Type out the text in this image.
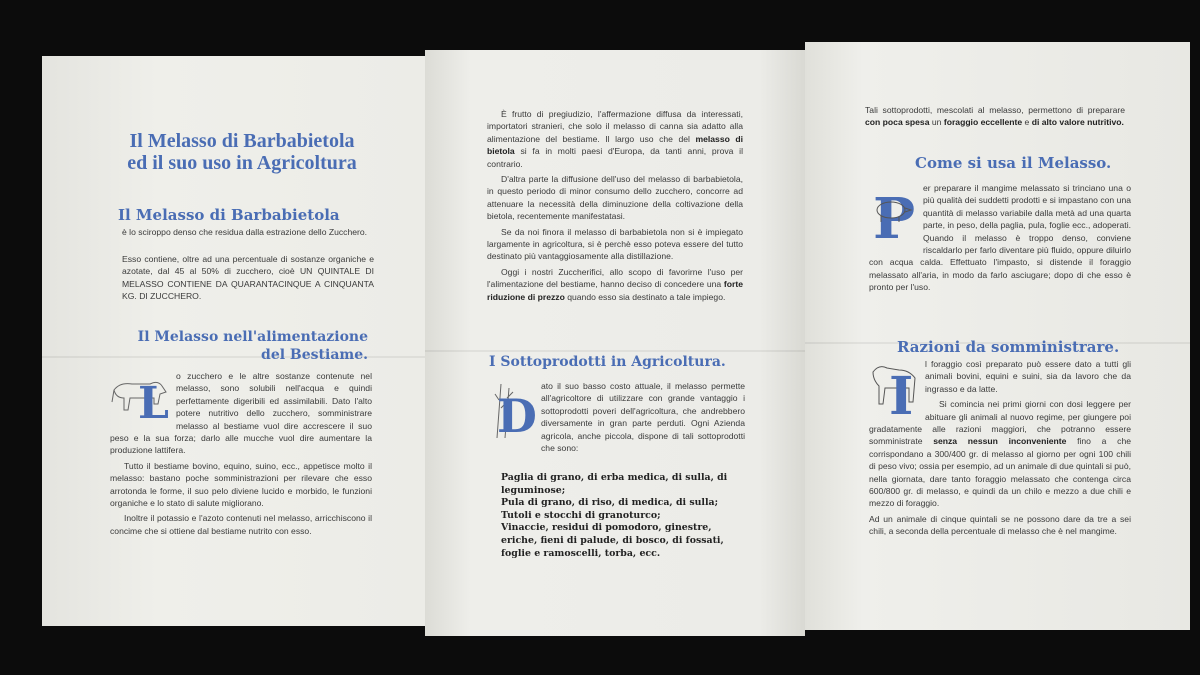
Il Melasso di Barbabietola
ed il suo uso in Agricoltura
Il Melasso di Barbabietola

è lo sciroppo denso che residua dalla estrazione dello Zucchero.

Esso contiene, oltre ad una percentuale di sostanze organiche e azotate, dal 45 al 50% di zucchero, cioè UN QUINTALE DI MELASSO CONTIENE DA QUARANTACINQUE A CINQUANTA KG. DI ZUCCHERO.

Il Melasso nell'alimentazione
del Bestiame.

L
o zucchero e le altre sostanze contenute nel melasso, sono solubili nell'acqua e quindi perfettamente digeribili ed assimilabili. Dato l'alto potere nutritivo dello zucchero, somministrare melasso al bestiame vuol dire accrescere il suo peso e la sua forza; darlo alle mucche vuol dire aumentare la produzione lattifera.

Tutto il bestiame bovino, equino, suino, ecc., appetisce molto il melasso: bastano poche somministrazioni per rilevare che esso arrotonda le forme, il suo pelo diviene lucido e morbido, le funzioni organiche e lo stato di salute migliorano.

Inoltre il potassio e l'azoto contenuti nel melasso, arricchiscono il concime che si ottiene dal bestiame nutrito con esso.

È frutto di pregiudizio, l'affermazione diffusa da interessati, importatori stranieri, che solo il melasso di canna sia adatto alla alimentazione del bestiame. Il largo uso che del melasso di bietola si fa in molti paesi d'Europa, da tanti anni, prova il contrario.

D'altra parte la diffusione dell'uso del melasso di barbabietola, in questo periodo di minor consumo dello zucchero, concorre ad attenuare la necessità della diminuzione della coltivazione della bietola, recentemente manifestatasi.

Se da noi finora il melasso di barbabietola non si è impiegato largamente in agricoltura, si è perchè esso poteva essere del tutto destinato più vantaggiosamente alla distillazione.

Oggi i nostri Zuccherifici, allo scopo di favorirne l'uso per l'alimentazione del bestiame, hanno deciso di concedere una forte riduzione di prezzo quando esso sia destinato a tale impiego.

I Sottoprodotti in Agricoltura.

D
ato il suo basso costo attuale, il melasso permette all'agricoltore di utilizzare con grande vantaggio i sottoprodotti poveri dell'agricoltura, che andrebbero diversamente in gran parte perduti. Ogni Azienda agricola, anche piccola, dispone di tali sottoprodotti che sono:

Paglia di grano, di erba medica, di sulla, di leguminose;
Pula di grano, di riso, di medica, di sulla;
Tutoli e stocchi di granoturco;
Vinaccie, residui di pomodoro, ginestre, eriche, fieni di palude, di bosco, di fossati, foglie e ramoscelli, torba, ecc.

Tali sottoprodotti, mescolati al melasso, permettono di preparare con poca spesa un foraggio eccellente e di alto valore nutritivo.

Come si usa il Melasso.

P er preparare il mangime melassato si trinciano una o più qualità dei suddetti prodotti e si impastano con una quantità di melasso variabile dalla metà ad una quarta parte, in peso, della paglia, pula, foglie ecc., adoperati. Quando il melasso è troppo denso, conviene riscaldarlo per farlo diventare più fluido, oppure diluirlo con acqua calda. Effettuato l'impasto, si distende il foraggio melassato all'aria, in modo da farlo asciugare; dopo di che esso è pronto per l'uso.

Razioni da somministrare.

I
l foraggio così preparato può essere dato a tutti gli animali bovini, equini e suini, sia da lavoro che da ingrasso e da latte.

Si comincia nei primi giorni con dosi leggere per abituare gli animali al nuovo regime, per giungere poi gradatamente alle razioni maggiori, che potranno essere somministrate senza nessun inconveniente fino a che corrispondano a 300/400 gr. di melasso al giorno per ogni 100 chili di peso vivo; ossia per esempio, ad un animale di due quintali si può, nella giornata, dare tanto foraggio melassato che contenga circa 600/800 gr. di melasso, e quindi da un chilo e mezzo a due chili e mezzo di foraggio.

Ad un animale di cinque quintali se ne possono dare da tre a sei chili, a seconda della percentuale di melasso che è nel mangime.
